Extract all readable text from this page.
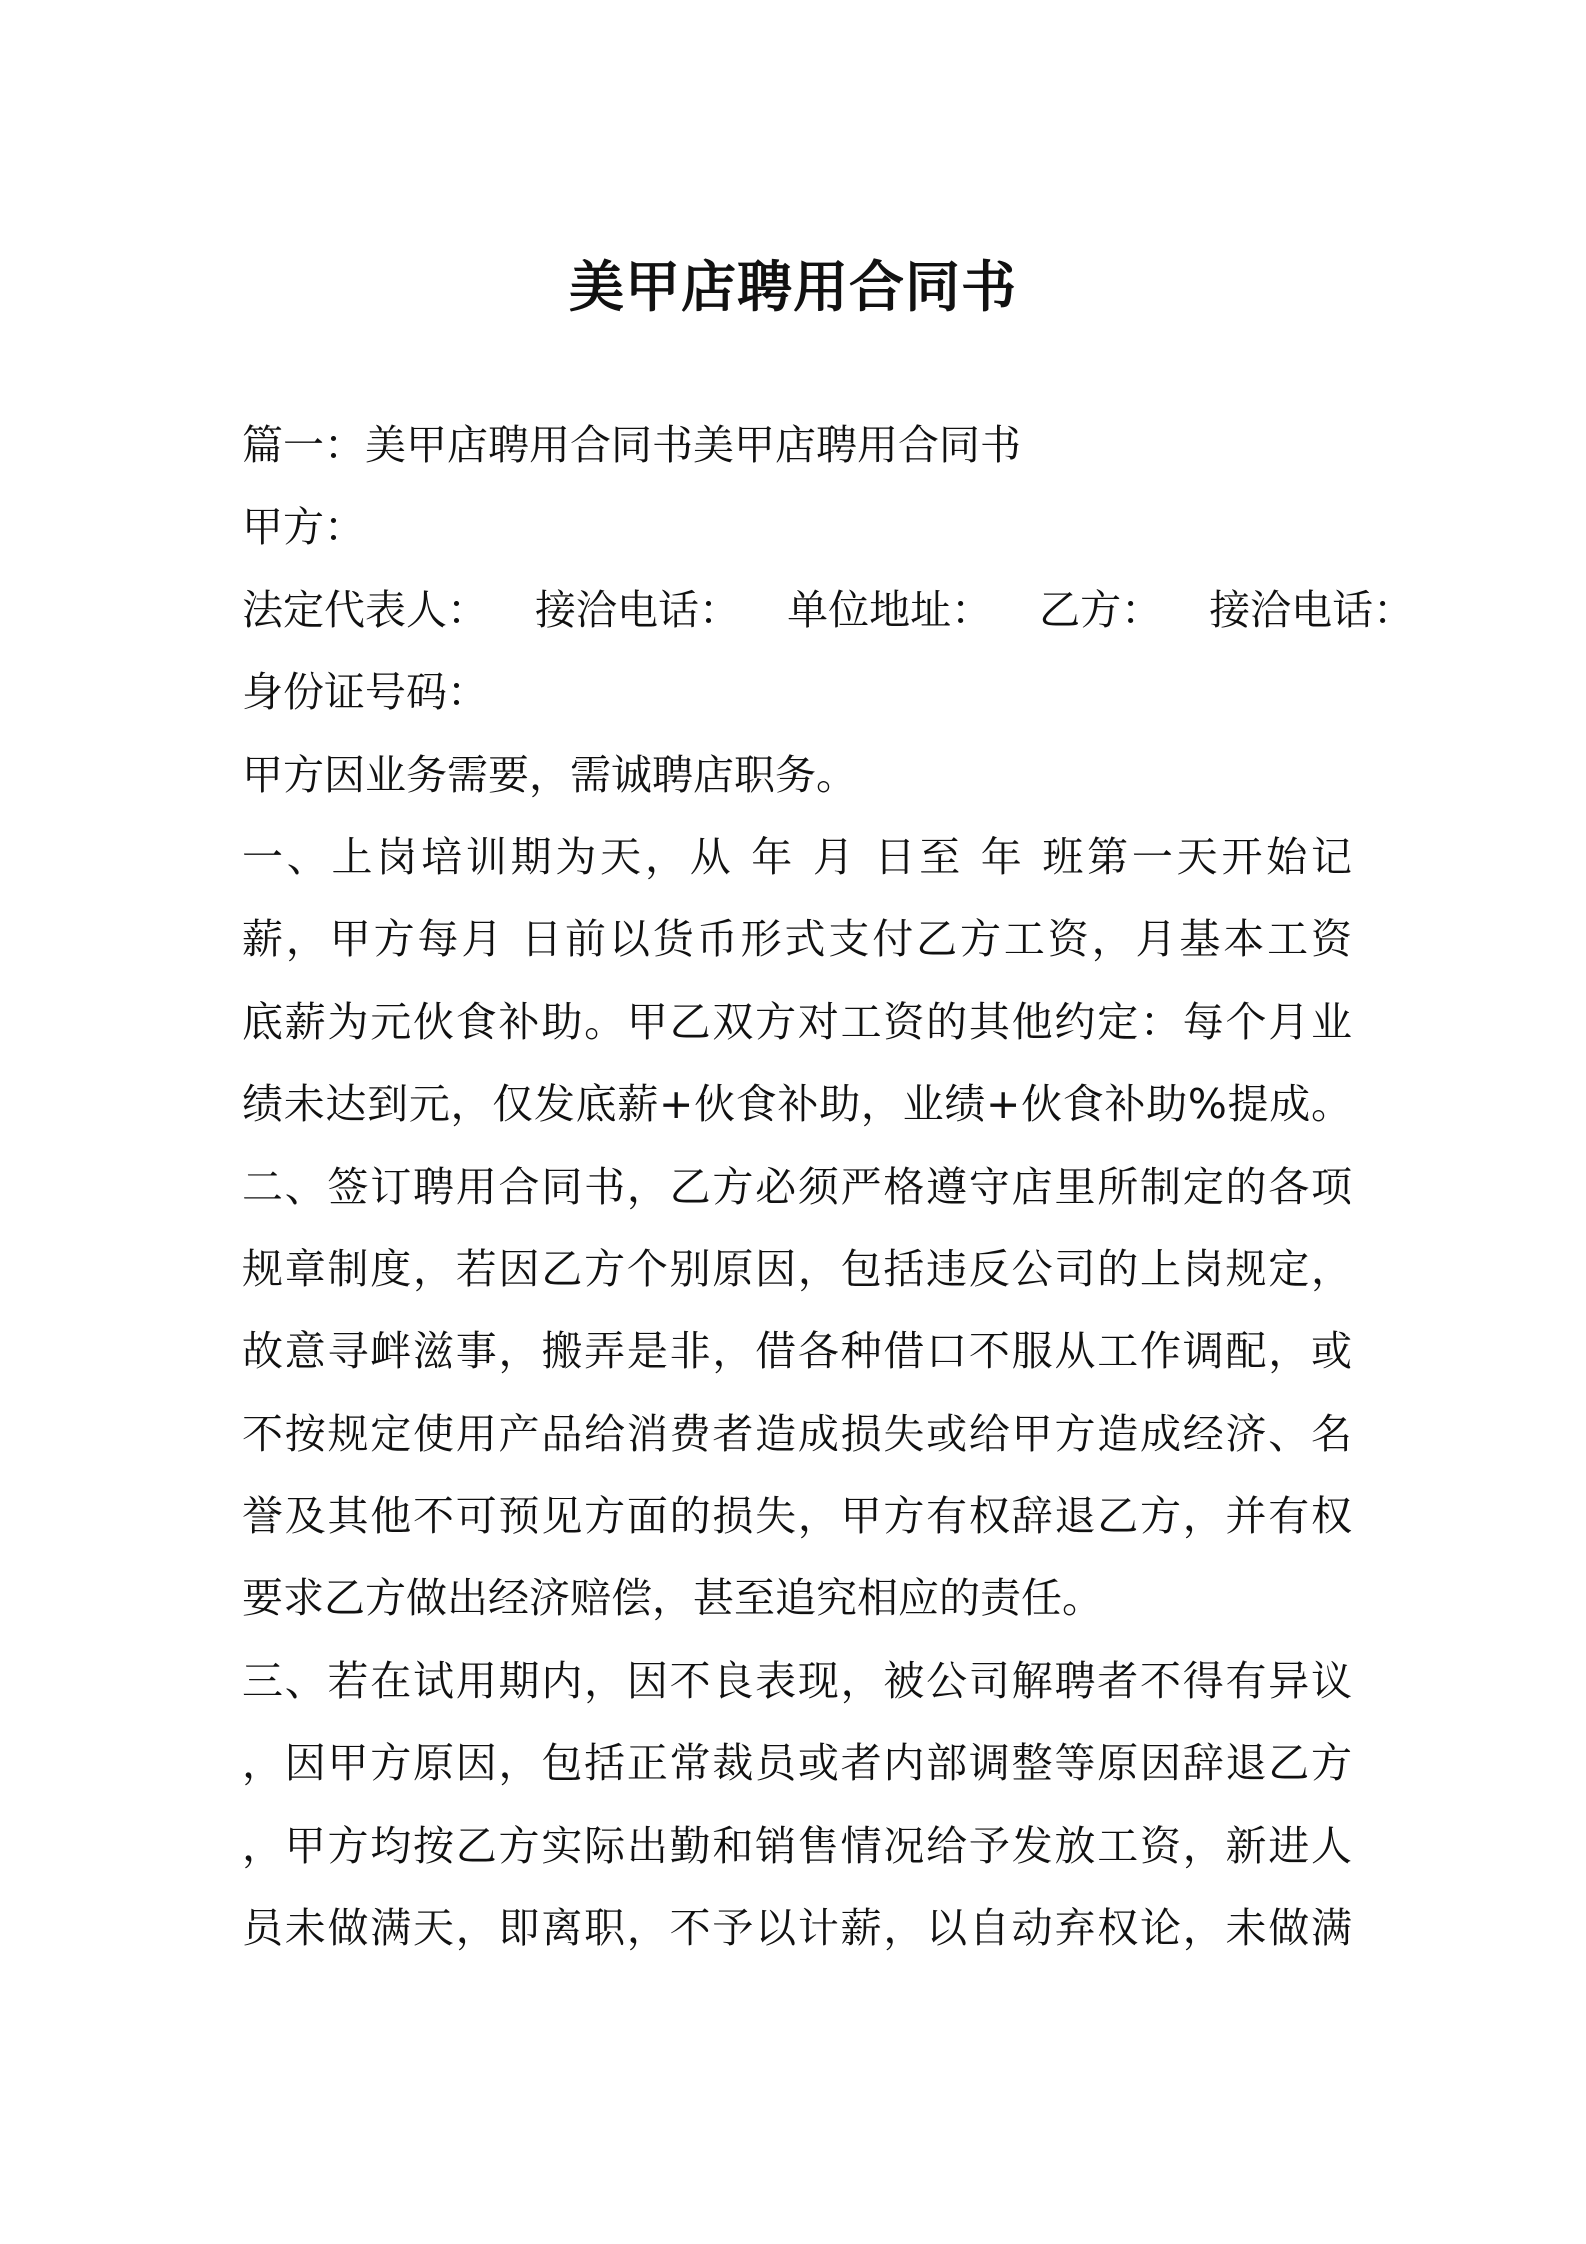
美甲店聘用合同书
篇一：美甲店聘用合同书美甲店聘用合同书
甲方：
法定代表人： 接洽电话： 单位地址： 乙方： 接洽电话：
身份证号码：
甲方因业务需要，需诚聘店职务。
一、上岗培训期为天，从 年 月 日至 年 班第一天开始记
薪，甲方每月 日前以货币形式支付乙方工资，月基本工资
底薪为元伙食补助。甲乙双方对工资的其他约定：每个月业
绩未达到元，仅发底薪+伙食补助，业绩+伙食补助%提成。
二、签订聘用合同书，乙方必须严格遵守店里所制定的各项
规章制度，若因乙方个别原因，包括违反公司的上岗规定，
故意寻衅滋事，搬弄是非，借各种借口不服从工作调配，或
不按规定使用产品给消费者造成损失或给甲方造成经济、名
誉及其他不可预见方面的损失，甲方有权辞退乙方，并有权
要求乙方做出经济赔偿，甚至追究相应的责任。
三、若在试用期内，因不良表现，被公司解聘者不得有异议
，因甲方原因，包括正常裁员或者内部调整等原因辞退乙方
，甲方均按乙方实际出勤和销售情况给予发放工资，新进人
员未做满天，即离职，不予以计薪，以自动弃权论，未做满
